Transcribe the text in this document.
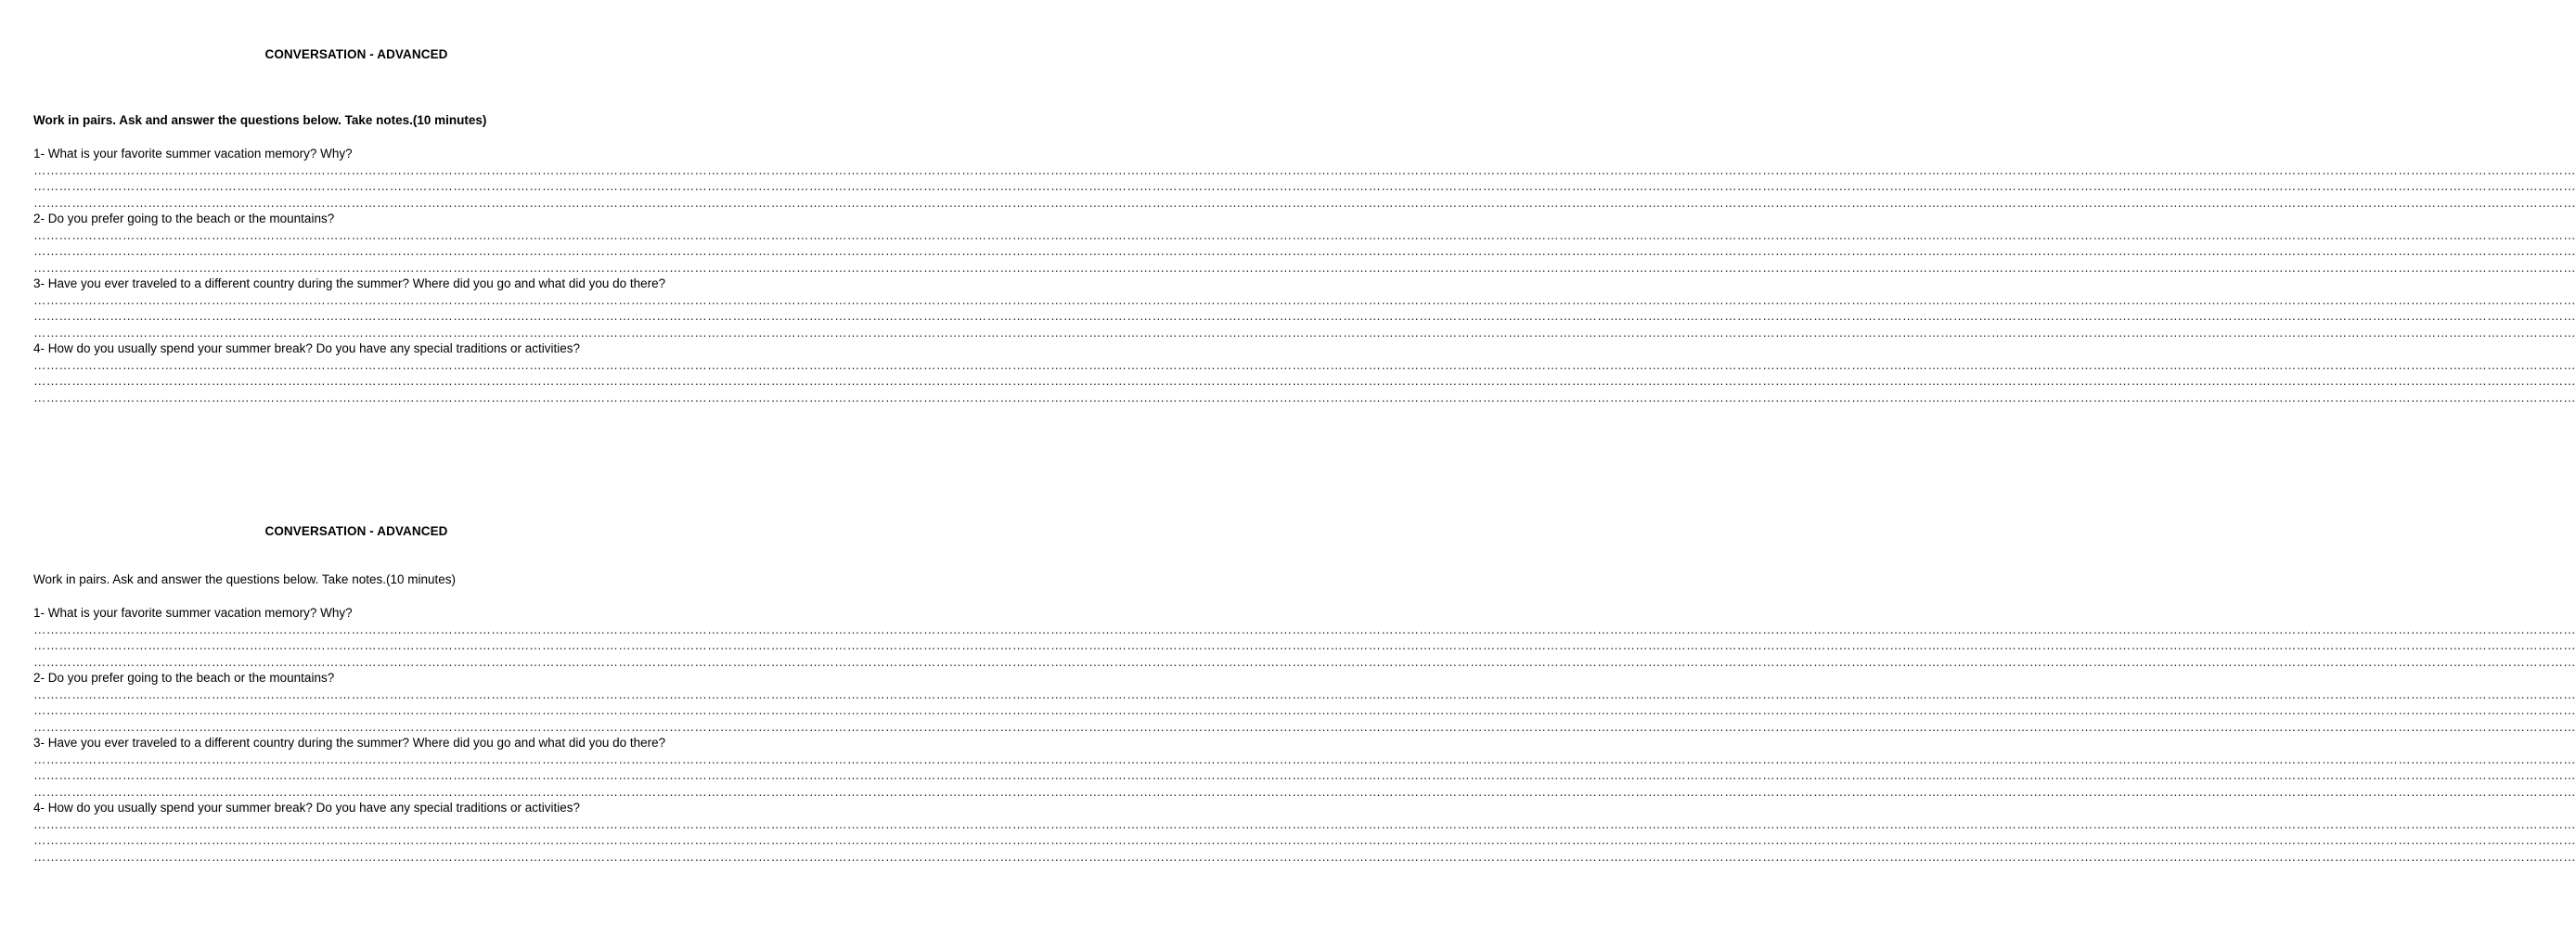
CONVERSATION - ADVANCED

Work in pairs. Ask and answer the questions below. Take notes.(10 minutes)

1- What is your favorite summer vacation memory? Why?

……………………………………………………………………………………………………………………………………………………………………………………………………………………………………………………………………………………………………………………………………………………………………………………………………………………………………………………………………………………………………………………………………………………
……………………………………………………………………………………………………………………………………………………………………………………………………………………………………………………………………………………………………………………………………………………………………………………………………………………………………………………………………………………………………………………………………………………
……………………………………………………………………………………………………………………………………………………………………………………………………………………………………………………………………………………………………………………………………………………………………………………………………………………………………………………………………………………………………………………………………………………

2- Do you prefer going to the beach or the mountains?

……………………………………………………………………………………………………………………………………………………………………………………………………………………………………………………………………………………………………………………………………………………………………………………………………………………………………………………………………………………………………………………………………………………
……………………………………………………………………………………………………………………………………………………………………………………………………………………………………………………………………………………………………………………………………………………………………………………………………………………………………………………………………………………………………………………………………………………
……………………………………………………………………………………………………………………………………………………………………………………………………………………………………………………………………………………………………………………………………………………………………………………………………………………………………………………………………………………………………………………………………………………

3- Have you ever traveled to a different country during the summer? Where did you go and what did you do there?

……………………………………………………………………………………………………………………………………………………………………………………………………………………………………………………………………………………………………………………………………………………………………………………………………………………………………………………………………………………………………………………………………………………
……………………………………………………………………………………………………………………………………………………………………………………………………………………………………………………………………………………………………………………………………………………………………………………………………………………………………………………………………………………………………………………………………………………
……………………………………………………………………………………………………………………………………………………………………………………………………………………………………………………………………………………………………………………………………………………………………………………………………………………………………………………………………………………………………………………………………………………

4- How do you usually spend your summer break? Do you have any special traditions or activities?

……………………………………………………………………………………………………………………………………………………………………………………………………………………………………………………………………………………………………………………………………………………………………………………………………………………………………………………………………………………………………………………………………………………
……………………………………………………………………………………………………………………………………………………………………………………………………………………………………………………………………………………………………………………………………………………………………………………………………………………………………………………………………………………………………………………………………………………
……………………………………………………………………………………………………………………………………………………………………………………………………………………………………………………………………………………………………………………………………………………………………………………………………………………………………………………………………………………………………………………………………………………
CONVERSATION - ADVANCED

Work in pairs. Ask and answer the questions below. Take notes.(10 minutes)

1- What is your favorite summer vacation memory? Why?

……………………………………………………………………………………………………………………………………………………………………………………………………………………………………………………………………………………………………………………………………………………………………………………………………………………………………………………………………………………………………………………………………………………
……………………………………………………………………………………………………………………………………………………………………………………………………………………………………………………………………………………………………………………………………………………………………………………………………………………………………………………………………………………………………………………………………………………
……………………………………………………………………………………………………………………………………………………………………………………………………………………………………………………………………………………………………………………………………………………………………………………………………………………………………………………………………………………………………………………………………………………

2- Do you prefer going to the beach or the mountains?

……………………………………………………………………………………………………………………………………………………………………………………………………………………………………………………………………………………………………………………………………………………………………………………………………………………………………………………………………………………………………………………………………………………
……………………………………………………………………………………………………………………………………………………………………………………………………………………………………………………………………………………………………………………………………………………………………………………………………………………………………………………………………………………………………………………………………………………
……………………………………………………………………………………………………………………………………………………………………………………………………………………………………………………………………………………………………………………………………………………………………………………………………………………………………………………………………………………………………………………………………………………

3- Have you ever traveled to a different country during the summer? Where did you go and what did you do there?

……………………………………………………………………………………………………………………………………………………………………………………………………………………………………………………………………………………………………………………………………………………………………………………………………………………………………………………………………………………………………………………………………………………
……………………………………………………………………………………………………………………………………………………………………………………………………………………………………………………………………………………………………………………………………………………………………………………………………………………………………………………………………………………………………………………………………………………
……………………………………………………………………………………………………………………………………………………………………………………………………………………………………………………………………………………………………………………………………………………………………………………………………………………………………………………………………………………………………………………………………………………

4- How do you usually spend your summer break? Do you have any special traditions or activities?

……………………………………………………………………………………………………………………………………………………………………………………………………………………………………………………………………………………………………………………………………………………………………………………………………………………………………………………………………………………………………………………………………………………
……………………………………………………………………………………………………………………………………………………………………………………………………………………………………………………………………………………………………………………………………………………………………………………………………………………………………………………………………………………………………………………………………………………
……………………………………………………………………………………………………………………………………………………………………………………………………………………………………………………………………………………………………………………………………………………………………………………………………………………………………………………………………………………………………………………………………………………
